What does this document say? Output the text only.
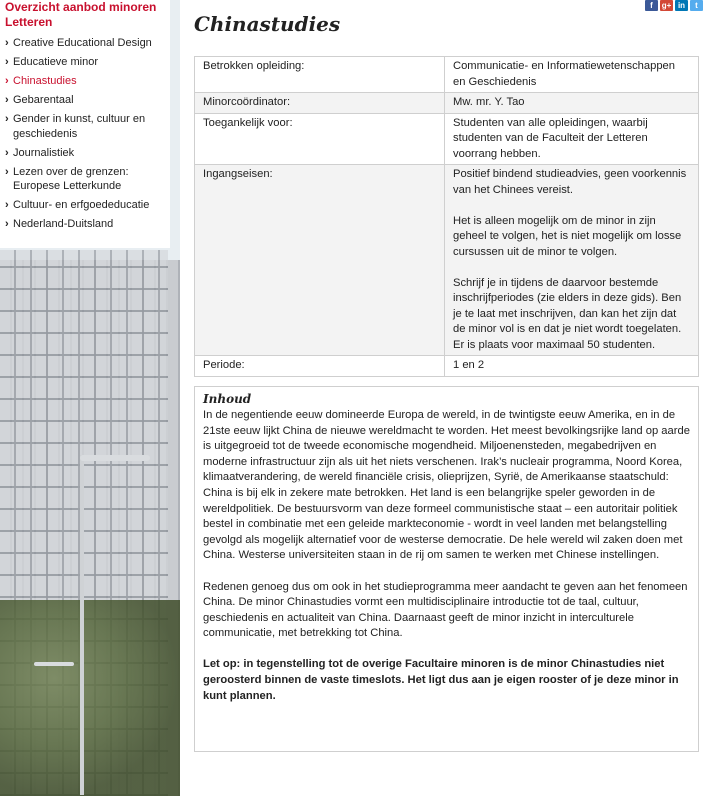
Overzicht aanbod minoren Letteren
› Creative Educational Design
› Educatieve minor
› Chinastudies
› Gebarentaal
› Gender in kunst, cultuur en geschiedenis
› Journalistiek
› Lezen over de grenzen: Europese Letterkunde
› Cultuur- en erfgoededucatie
› Nederland-Duitsland
f	g+ in	t
Chinastudies
Betrokken opleiding:	Communicatie- en Informatiewetenschappen en Geschiedenis

Minorcoördinator:	Mw. mr. Y. Tao

Toegankelijk voor:	Studenten van alle opleidingen, waarbij studenten van de Faculteit der Letteren voorrang hebben.

Ingangseisen:	Positief bindend studieadvies, geen voorkennis van het Chinees vereist.

Het is alleen mogelijk om de minor in zijn geheel te volgen, het is niet mogelijk om losse cursussen uit de minor te volgen.

Schrijf je in tijdens de daarvoor bestemde inschrijfperiodes (zie elders in deze gids). Ben je te laat met inschrijven, dan kan het zijn dat de minor vol is en dat je niet wordt toegelaten. Er is plaats voor maximaal 50 studenten.

Periode:	1 en 2

Inhoud

In de negentiende eeuw domineerde Europa de wereld, in de twintigste eeuw Amerika, en in de 21ste eeuw lijkt China de nieuwe wereldmacht te worden. Het meest bevolkingsrijke land op aarde is uitgegroeid tot de tweede economische mogendheid. Miljoenensteden, megabedrijven en moderne infrastructuur zijn als uit het niets verschenen. Irak’s nucleair programma, Noord Korea, klimaatverandering, de wereld financiële crisis, olieprijzen, Syrië, de Amerikaanse staatschuld: China is bij elk in zekere mate betrokken. Het land is een belangrijke speler geworden in de wereldpolitiek. De bestuursvorm van deze formeel communistische staat – een autoritair politiek bestel in combinatie met een geleide markteconomie - wordt in veel landen met belangstelling gevolgd als mogelijk alternatief voor de westerse democratie. De hele wereld wil zaken doen met China. Westerse universiteiten staan in de rij om samen te werken met Chinese instellingen.

Redenen genoeg dus om ook in het studieprogramma meer aandacht te geven aan het fenomeen China. De minor Chinastudies vormt een multidisciplinaire introductie tot de taal, cultuur, geschiedenis en actualiteit van China. Daarnaast geeft de minor inzicht in interculturele communicatie, met betrekking tot China.

Let op: in tegenstelling tot de overige Facultaire minoren is de minor Chinastudies niet geroosterd binnen de vaste timeslots. Het ligt dus aan je eigen rooster of je deze minor in kunt plannen.
